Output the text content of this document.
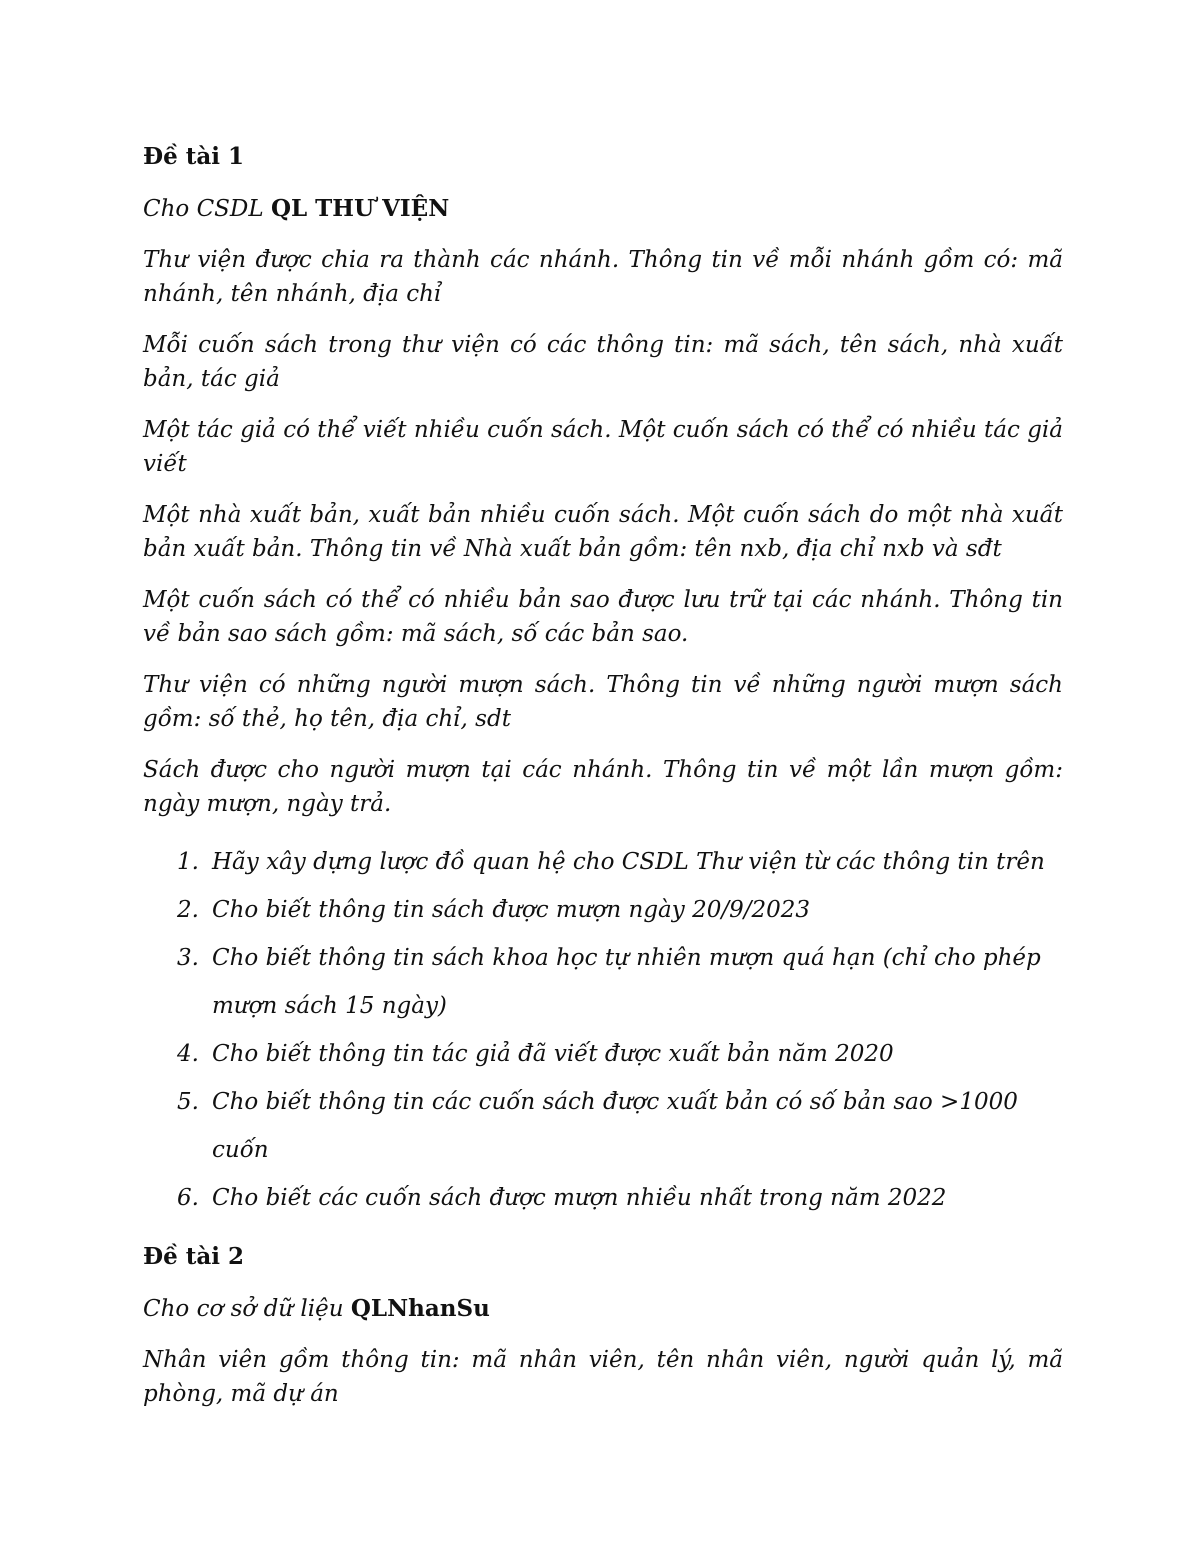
Đề tài 1
Cho CSDL QL THƯ VIỆN
Thư viện được chia ra thành các nhánh. Thông tin về mỗi nhánh gồm có: mã nhánh, tên nhánh, địa chỉ
Mỗi cuốn sách trong thư viện có các thông tin: mã sách, tên sách, nhà xuất bản, tác giả
Một tác giả có thể viết nhiều cuốn sách. Một cuốn sách có thể có nhiều tác giả viết
Một nhà xuất bản, xuất bản nhiều cuốn sách. Một cuốn sách do một nhà xuất bản xuất bản. Thông tin về Nhà xuất bản gồm: tên nxb, địa chỉ nxb và sđt
Một cuốn sách có thể có nhiều bản sao được lưu trữ tại các nhánh. Thông tin về bản sao sách gồm: mã sách, số các bản sao.
Thư viện có những người mượn sách. Thông tin về những người mượn sách gồm: số thẻ, họ tên, địa chỉ, sdt
Sách được cho người mượn tại các nhánh. Thông tin về một lần mượn gồm: ngày mượn, ngày trả.
1. Hãy xây dựng lược đồ quan hệ cho CSDL Thư viện từ các thông tin trên
2. Cho biết thông tin sách được mượn ngày 20/9/2023
3. Cho biết thông tin sách khoa học tự nhiên mượn quá hạn (chỉ cho phép mượn sách 15 ngày)
4. Cho biết thông tin tác giả đã viết được xuất bản năm 2020
5. Cho biết thông tin các cuốn sách được xuất bản có số bản sao >1000 cuốn
6. Cho biết các cuốn sách được mượn nhiều nhất trong năm 2022
Đề tài 2
Cho cơ sở dữ liệu QLNhanSu
Nhân viên gồm thông tin: mã nhân viên, tên nhân viên, người quản lý, mã phòng, mã dự án
